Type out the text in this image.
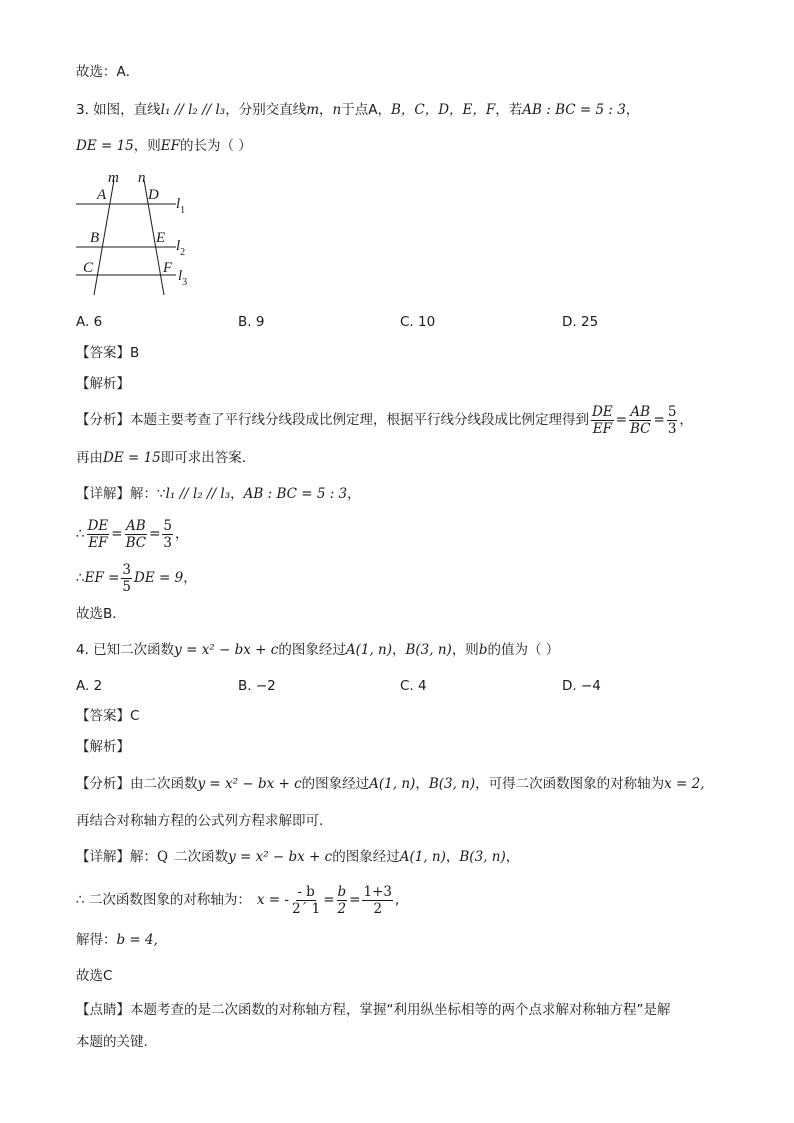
故选：A．
3. 如图，直线l₁ // l₂ // l₃，分别交直线m，n于点A，B，C，D，E，F，若AB : BC = 5 : 3，
DE = 15，则EF的长为（ ）
m n
A	D
B	E
C	F
$l_1$
$l_2$
$l_3$
A. 6	B. 9	C. 10	D. 25
【答案】B
【解析】
【分析】本题主要考查了平行线分线段成比例定理，根据平行线分线段成比例定理得到 $\frac{DE}{EF} = \frac{AB}{BC} = \frac{5}{3}$ ，
再由DE = 15即可求出答案．
【详解】解：∵l₁ // l₂ // l₃，AB : BC = 5 : 3，
∴ $\frac{DE}{EF} = \frac{AB}{BC} = \frac{5}{3}$ ，
∴EF = $\frac{3}{5}$ DE = 9，
故选B．
4. 已知二次函数y = x² − bx + c的图象经过A(1, n)，B(3, n)，则b的值为（ ）
A. 2	B. −2	C. 4	D. −4
【答案】C
【解析】
【分析】由二次函数y = x² − bx + c的图象经过A(1, n)，B(3, n)，可得二次函数图象的对称轴为x = 2,
再结合对称轴方程的公式列方程求解即可.
【详解】解：Q 二次函数y = x² − bx + c的图象经过A(1, n)，B(3, n)，
∴ 二次函数图象的对称轴为： x = - $\frac{- b}{2´ 1} = \frac{b}{2} = \frac{1+3}{2}$ ,
解得：b = 4,
故选C
【点睛】本题考查的是二次函数的对称轴方程，掌握“利用纵坐标相等的两个点求解对称轴方程”是解
本题的关键.
